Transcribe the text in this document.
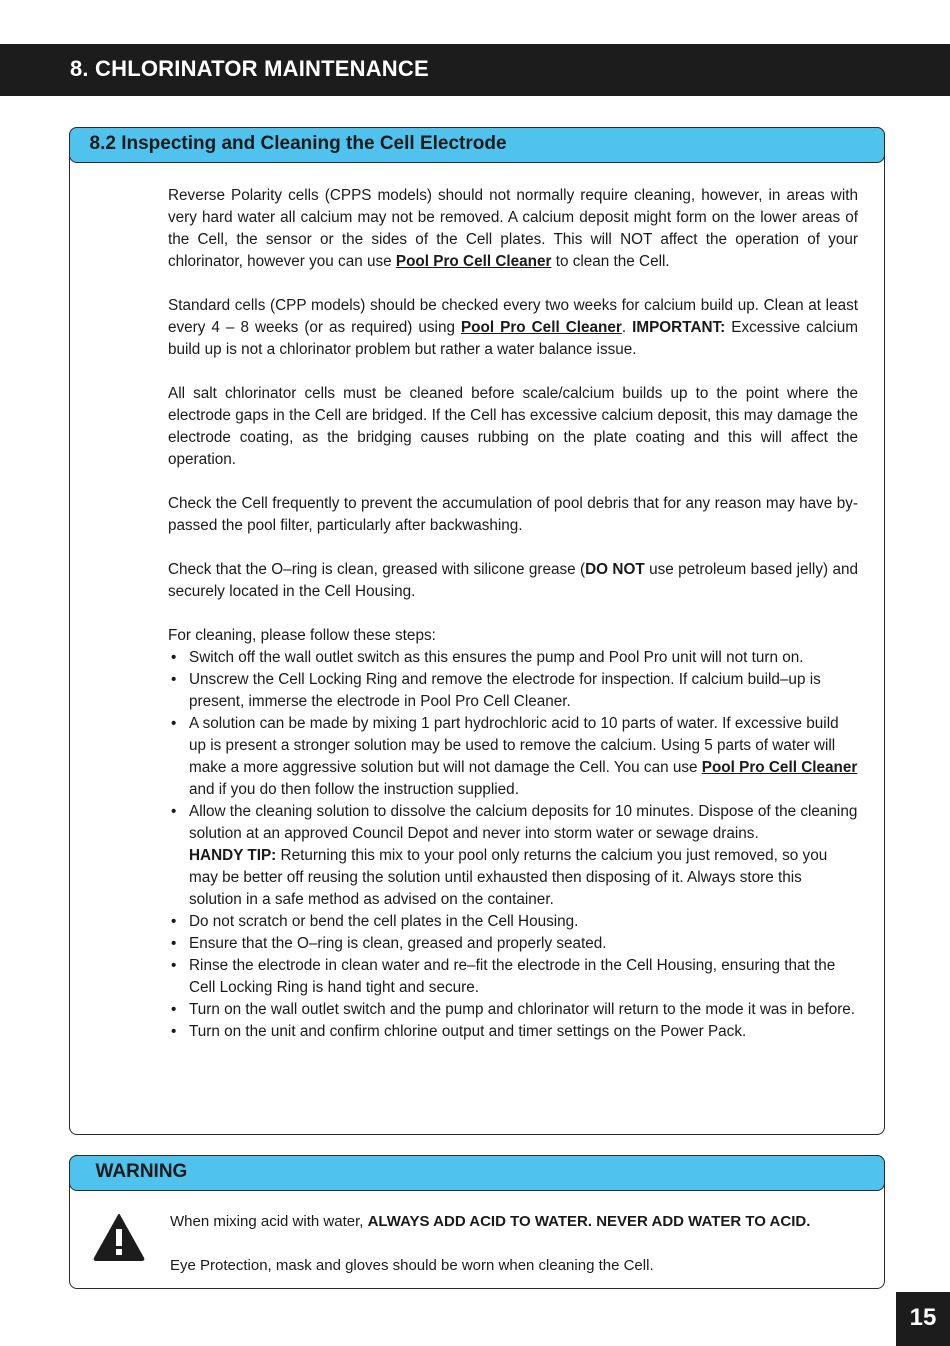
8. CHLORINATOR MAINTENANCE
8.2 Inspecting and Cleaning the Cell Electrode

Reverse Polarity cells (CPPS models) should not normally require cleaning, however, in areas with very hard water all calcium may not be removed. A calcium deposit might form on the lower areas of the Cell, the sensor or the sides of the Cell plates. This will NOT affect the operation of your chlorinator, however you can use Pool Pro Cell Cleaner to clean the Cell.

Standard cells (CPP models) should be checked every two weeks for calcium build up. Clean at least every 4 – 8 weeks (or as required) using Pool Pro Cell Cleaner. IMPORTANT: Excessive calcium build up is not a chlorinator problem but rather a water balance issue.

All salt chlorinator cells must be cleaned before scale/calcium builds up to the point where the electrode gaps in the Cell are bridged. If the Cell has excessive calcium deposit, this may damage the electrode coating, as the bridging causes rubbing on the plate coating and this will affect the operation.

Check the Cell frequently to prevent the accumulation of pool debris that for any reason may have by-passed the pool filter, particularly after backwashing.

Check that the O–ring is clean, greased with silicone grease (DO NOT use petroleum based jelly) and securely located in the Cell Housing.

For cleaning, please follow these steps:

• Switch off the wall outlet switch as this ensures the pump and Pool Pro unit will not turn on.
• Unscrew the Cell Locking Ring and remove the electrode for inspection. If calcium build–up is present, immerse the electrode in Pool Pro Cell Cleaner.
• A solution can be made by mixing 1 part hydrochloric acid to 10 parts of water. If excessive build up is present a stronger solution may be used to remove the calcium. Using 5 parts of water will make a more aggressive solution but will not damage the Cell. You can use Pool Pro Cell Cleaner and if you do then follow the instruction supplied.
• Allow the cleaning solution to dissolve the calcium deposits for 10 minutes. Dispose of the cleaning solution at an approved Council Depot and never into storm water or sewage drains.
HANDY TIP: Returning this mix to your pool only returns the calcium you just removed, so you may be better off reusing the solution until exhausted then disposing of it. Always store this solution in a safe method as advised on the container.
• Do not scratch or bend the cell plates in the Cell Housing.
• Ensure that the O–ring is clean, greased and properly seated.
• Rinse the electrode in clean water and re–fit the electrode in the Cell Housing, ensuring that the Cell Locking Ring is hand tight and secure.
• Turn on the wall outlet switch and the pump and chlorinator will return to the mode it was in before.
• Turn on the unit and confirm chlorine output and timer settings on the Power Pack.
WARNING

When mixing acid with water, ALWAYS ADD ACID TO WATER. NEVER ADD WATER TO ACID.

Eye Protection, mask and gloves should be worn when cleaning the Cell.

15
